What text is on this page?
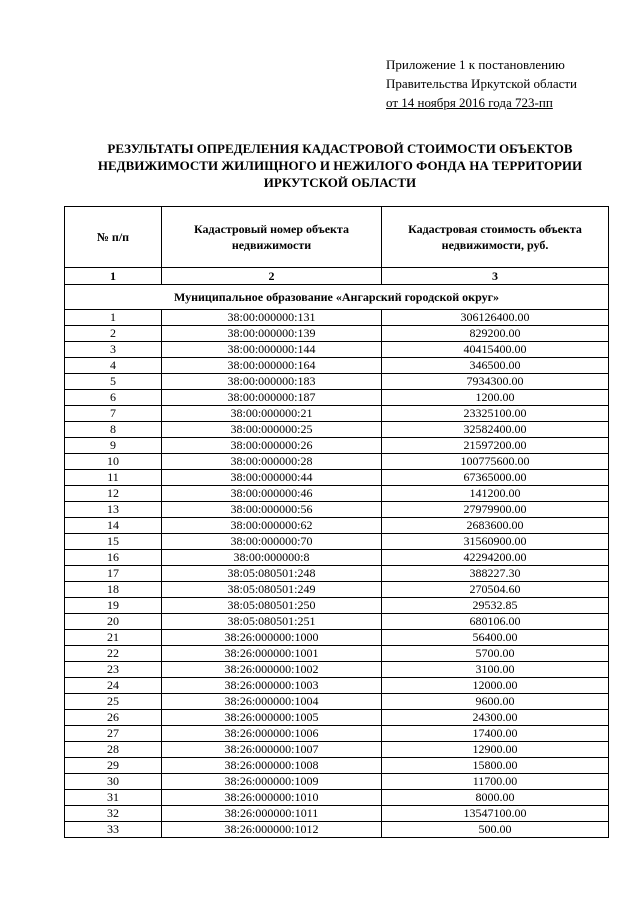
Приложение 1 к постановлению
Правительства Иркутской области
от 14 ноября 2016 года 723-пп
РЕЗУЛЬТАТЫ ОПРЕДЕЛЕНИЯ КАДАСТРОВОЙ СТОИМОСТИ ОБЪЕКТОВ
НЕДВИЖИМОСТИ ЖИЛИЩНОГО И НЕЖИЛОГО ФОНДА НА ТЕРРИТОРИИ
ИРКУТСКОЙ ОБЛАСТИ
№ п/п	Кадастровый номер объекта недвижимости	Кадастровая стоимость объекта недвижимости, руб.
1	2	3
Муниципальное образование «Ангарский городской округ»		
1	38:00:000000:131	306126400.00
2	38:00:000000:139	829200.00
3	38:00:000000:144	40415400.00
4	38:00:000000:164	346500.00
5	38:00:000000:183	7934300.00
6	38:00:000000:187	1200.00
7	38:00:000000:21	23325100.00
8	38:00:000000:25	32582400.00
9	38:00:000000:26	21597200.00
10	38:00:000000:28	100775600.00
11	38:00:000000:44	67365000.00
12	38:00:000000:46	141200.00
13	38:00:000000:56	27979900.00
14	38:00:000000:62	2683600.00
15	38:00:000000:70	31560900.00
16	38:00:000000:8	42294200.00
17	38:05:080501:248	388227.30
18	38:05:080501:249	270504.60
19	38:05:080501:250	29532.85
20	38:05:080501:251	680106.00
21	38:26:000000:1000	56400.00
22	38:26:000000:1001	5700.00
23	38:26:000000:1002	3100.00
24	38:26:000000:1003	12000.00
25	38:26:000000:1004	9600.00
26	38:26:000000:1005	24300.00
27	38:26:000000:1006	17400.00
28	38:26:000000:1007	12900.00
29	38:26:000000:1008	15800.00
30	38:26:000000:1009	11700.00
31	38:26:000000:1010	8000.00
32	38:26:000000:1011	13547100.00
33	38:26:000000:1012	500.00
